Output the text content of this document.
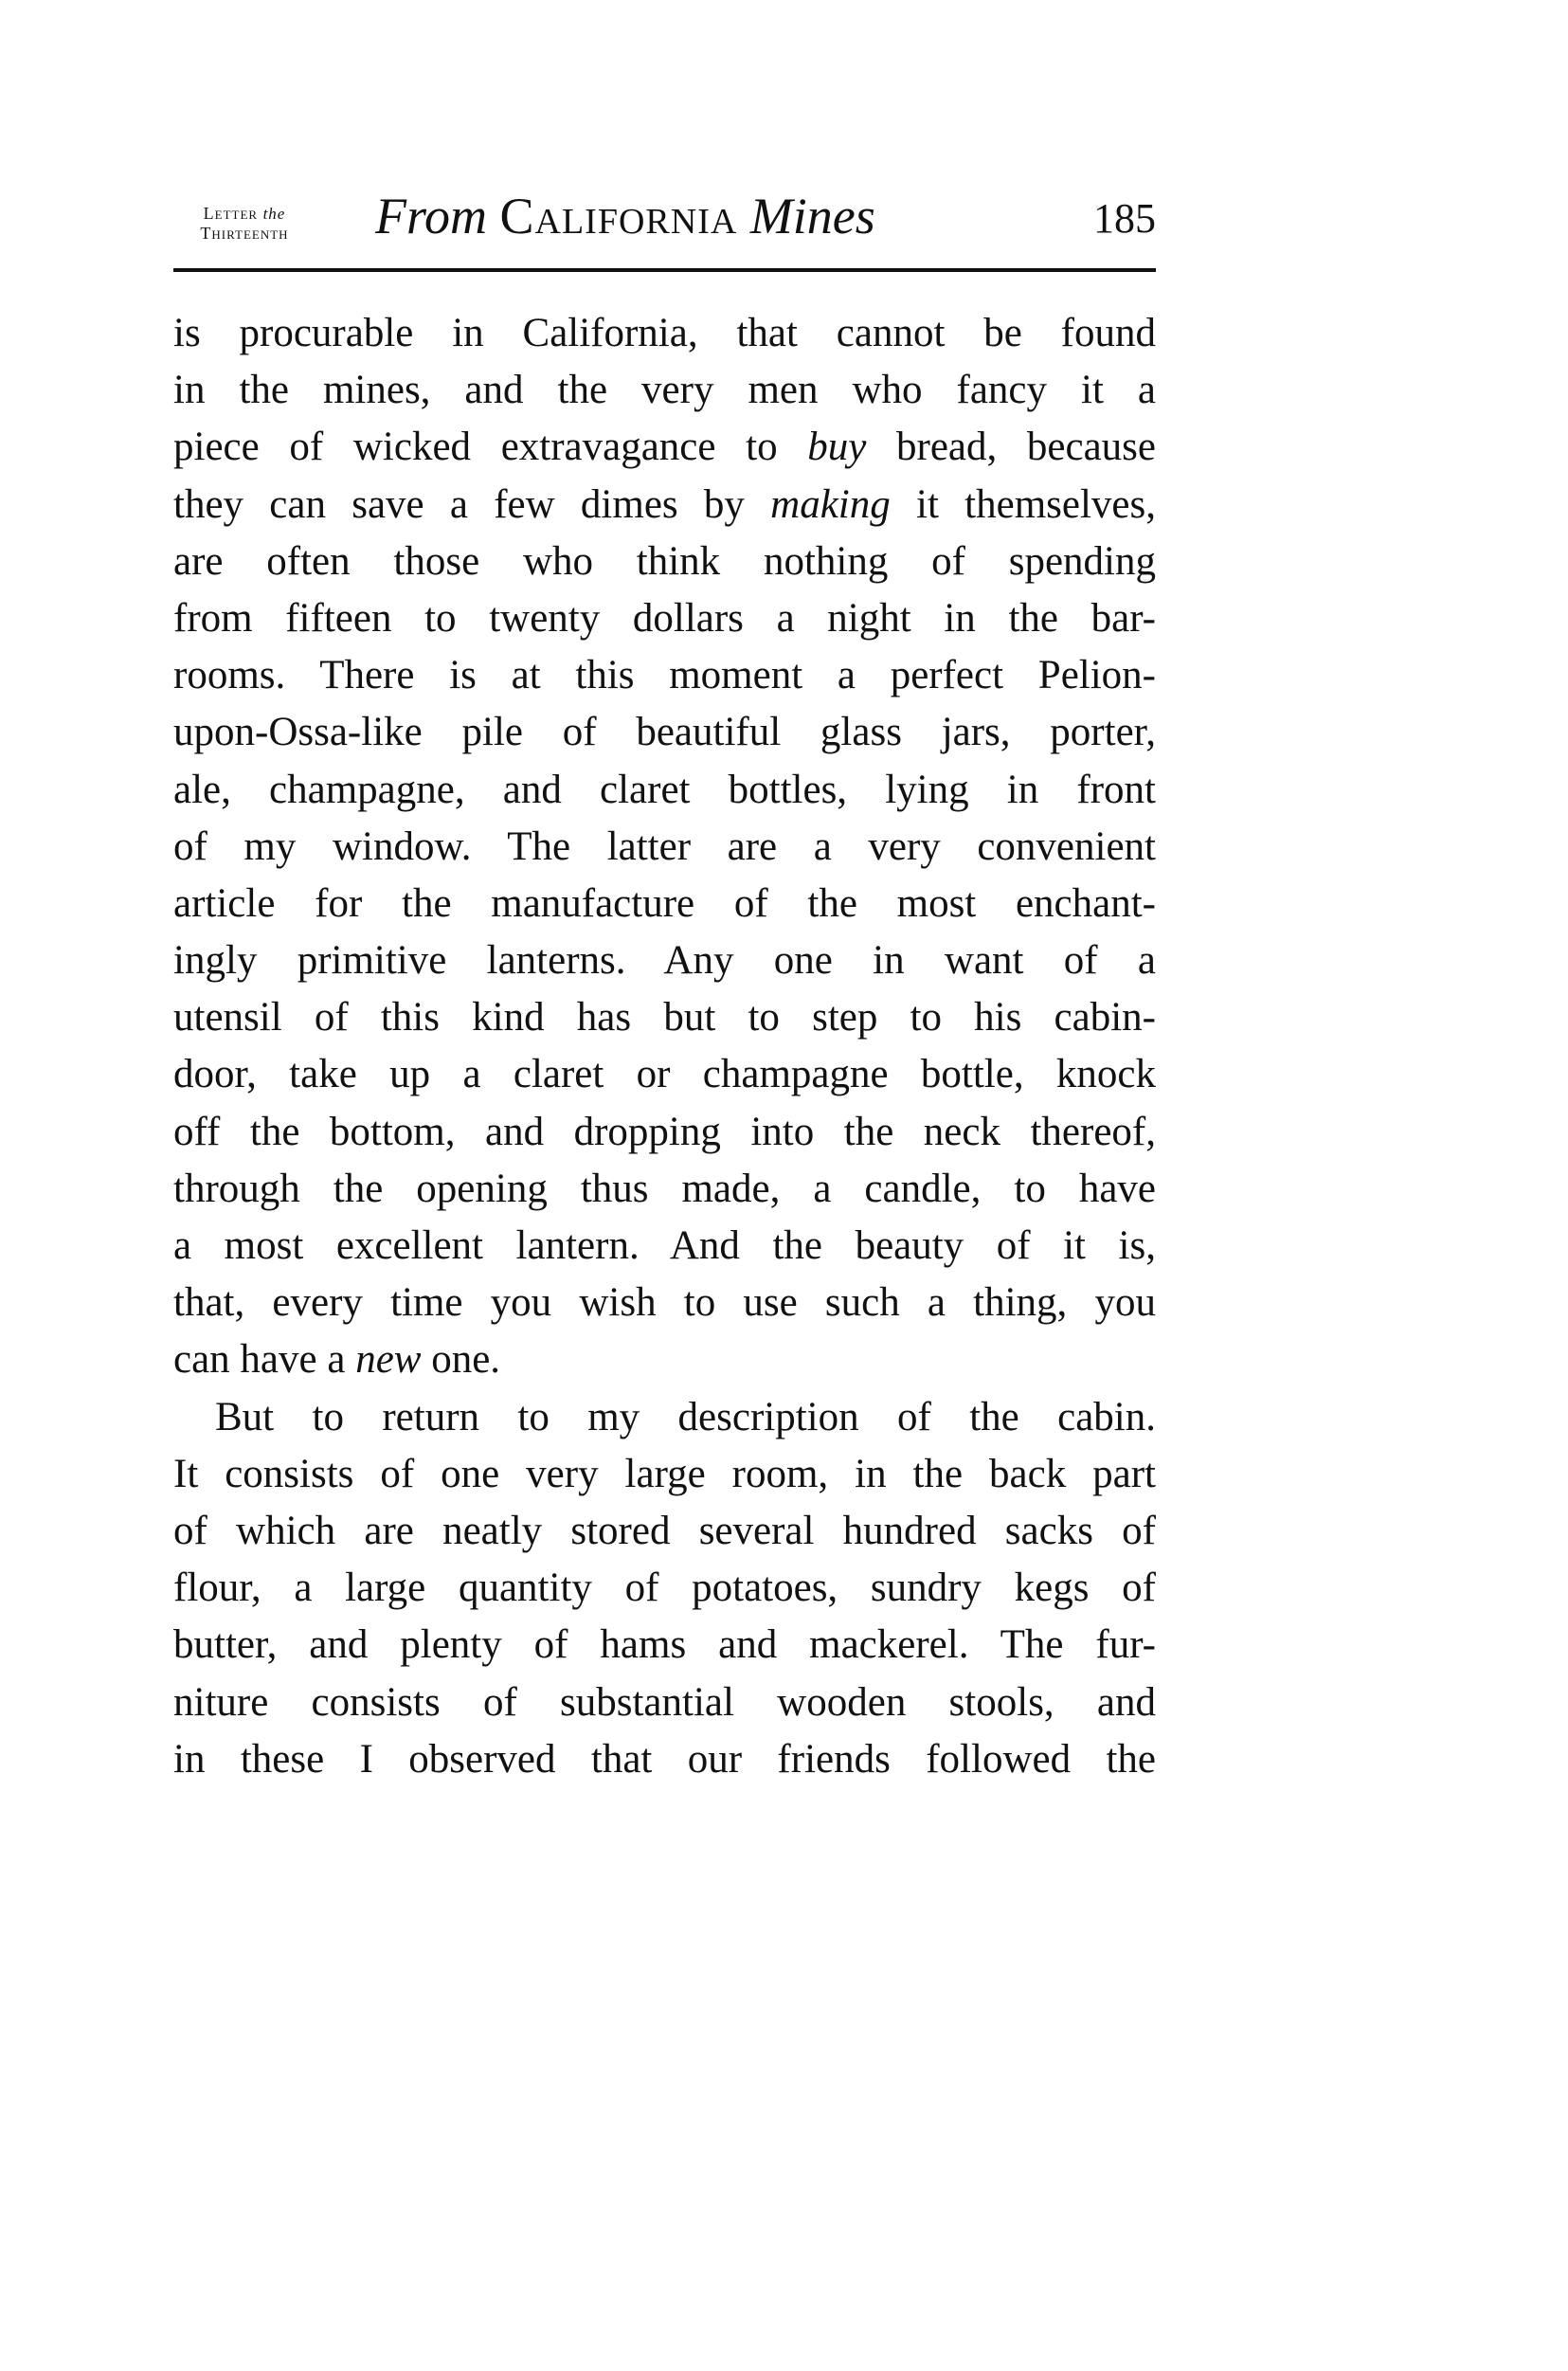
Letter the
Thirteenth	From California Mines	185
is procurable in California, that cannot be found
in the mines, and the very men who fancy it a
piece of wicked extravagance to buy bread, because
they can save a few dimes by making it themselves,
are often those who think nothing of spending
from fifteen to twenty dollars a night in the bar-
rooms. There is at this moment a perfect Pelion-
upon-Ossa-like pile of beautiful glass jars, porter,
ale, champagne, and claret bottles, lying in front
of my window. The latter are a very convenient
article for the manufacture of the most enchant-
ingly primitive lanterns. Any one in want of a
utensil of this kind has but to step to his cabin-
door, take up a claret or champagne bottle, knock
off the bottom, and dropping into the neck thereof,
through the opening thus made, a candle, to have
a most excellent lantern. And the beauty of it is,
that, every time you wish to use such a thing, you
can have a new one.
But to return to my description of the cabin.
It consists of one very large room, in the back part
of which are neatly stored several hundred sacks of
flour, a large quantity of potatoes, sundry kegs of
butter, and plenty of hams and mackerel. The fur-
niture consists of substantial wooden stools, and
in these I observed that our friends followed the
